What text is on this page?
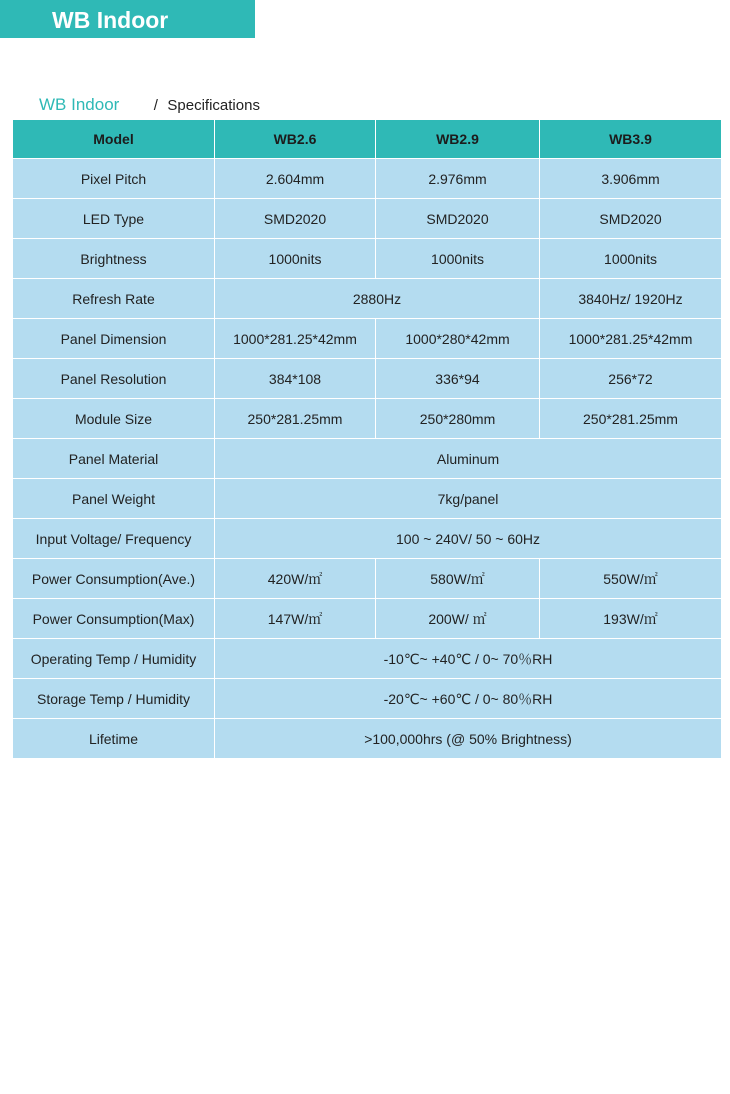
WB Indoor
WB Indoor / Specifications
Model	WB2.6	WB2.9	WB3.9
Pixel Pitch	2.604mm	2.976mm	3.906mm
LED Type	SMD2020	SMD2020	SMD2020
Brightness	1000nits	1000nits	1000nits
Refresh Rate	2880Hz		3840Hz/ 1920Hz
Panel Dimension	1000*281.25*42mm	1000*280*42mm	1000*281.25*42mm
Panel Resolution	384*108	336*94	256*72
Module Size	250*281.25mm	250*280mm	250*281.25mm
Panel Material	Aluminum		
Panel Weight	7kg/panel		
Input Voltage/ Frequency	100 ~ 240V/ 50 ~ 60Hz		
Power Consumption(Ave.)	420W/㎡	580W/㎡	550W/㎡
Power Consumption(Max)	147W/㎡	200W/ ㎡	193W/㎡
Operating Temp / Humidity	-10℃~ +40℃ / 0~ 70％RH		
Storage Temp / Humidity	-20℃~ +60℃ / 0~ 80％RH		
Lifetime	>100,000hrs (@ 50% Brightness)		
